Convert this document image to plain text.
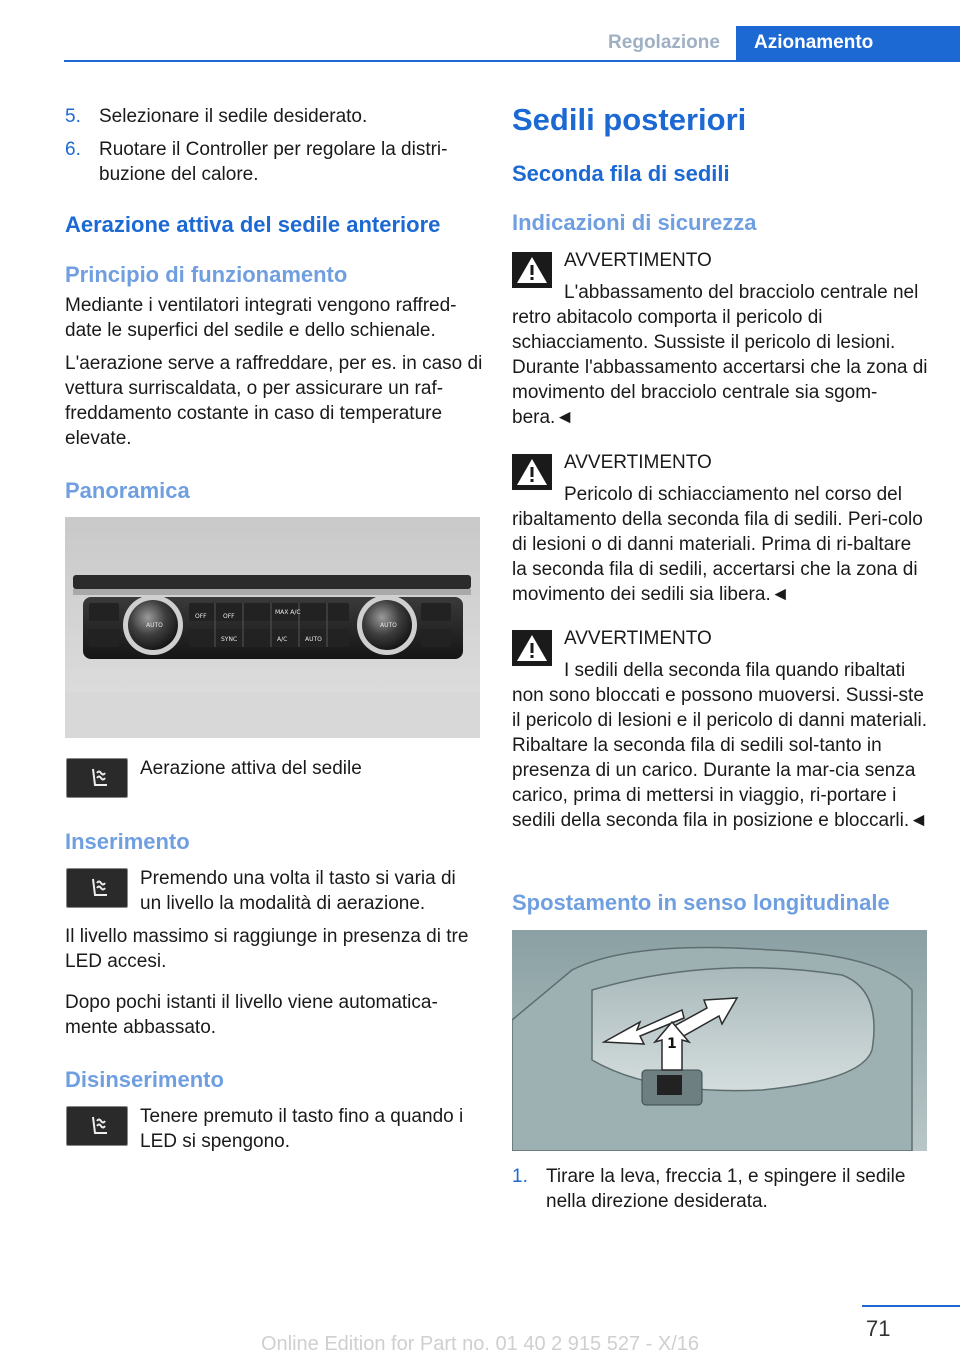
Regolazione	Azionamento
5. Selezionare il sedile desiderato.
6. Ruotare il Controller per regolare la distri‐buzione del calore.
Aerazione attiva del sedile anteriore
Principio di funzionamento

Mediante i ventilatori integrati vengono raffred‐date le superfici del sedile e dello schienale.

L'aerazione serve a raffreddare, per es. in caso di vettura surriscaldata, o per assicurare un raf‐freddamento costante in caso di temperature elevate.

Panoramica
AUTO	AUTO
OFF	OFF
MAX A/C
SYNC	A/C	AUTO
Aerazione attiva del sedile
Inserimento
Premendo una volta il tasto si varia di un livello la modalità di aerazione.
Il livello massimo si raggiunge in presenza di tre LED accesi.
Dopo pochi istanti il livello viene automatica‐mente abbassato.
Disinserimento
Tenere premuto il tasto fino a quando i LED si spengono.
Sedili posteriori
Seconda fila di sedili
Indicazioni di sicurezza
AVVERTIMENTO
L'abbassamento del bracciolo centrale nel retro abitacolo comporta il pericolo di schiacciamento. Sussiste il pericolo di lesioni. Durante l'abbassamento accertarsi che la zona di movimento del bracciolo centrale sia sgom‐bera.◄
AVVERTIMENTO
Pericolo di schiacciamento nel corso del ribaltamento della seconda fila di sedili. Peri‐colo di lesioni o di danni materiali. Prima di ri‐baltare la seconda fila di sedili, accertarsi che la zona di movimento dei sedili sia libera.◄
AVVERTIMENTO
I sedili della seconda fila quando ribaltati non sono bloccati e possono muoversi. Sussi‐ste il pericolo di lesioni e il pericolo di danni materiali. Ribaltare la seconda fila di sedili sol‐tanto in presenza di un carico. Durante la mar‐cia senza carico, prima di mettersi in viaggio, ri‐portare i sedili della seconda fila in posizione e bloccarli.◄
Spostamento in senso longitudinale
1
1. Tirare la leva, freccia 1, e spingere il sedile nella direzione desiderata.
71
Online Edition for Part no. 01 40 2 915 527 - X/16
